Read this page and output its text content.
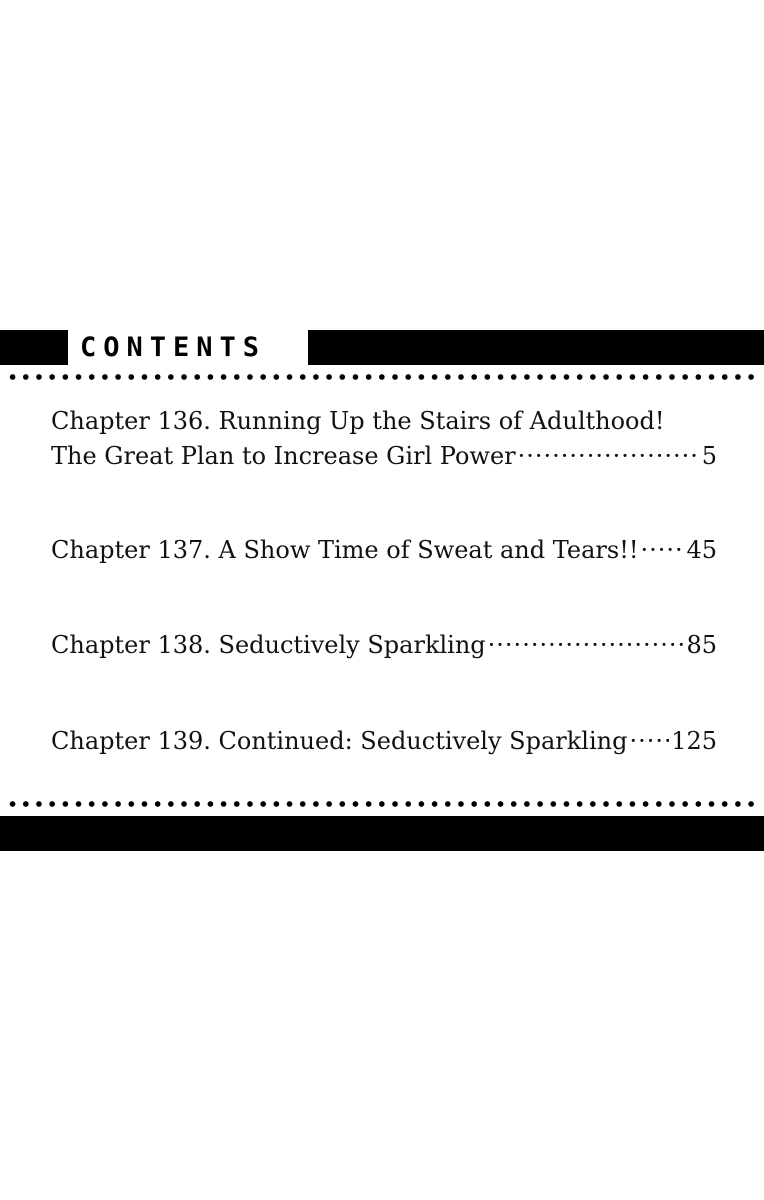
CONTENTS
Chapter 136. Running Up the Stairs of Adulthood!
The Great Plan to Increase Girl Power ·····	5
Chapter 137. A Show Time of Sweat and Tears!! ····· 45
Chapter 138. Seductively Sparkling ·····	85
Chapter 139. Continued: Seductively Sparkling ····· 125
